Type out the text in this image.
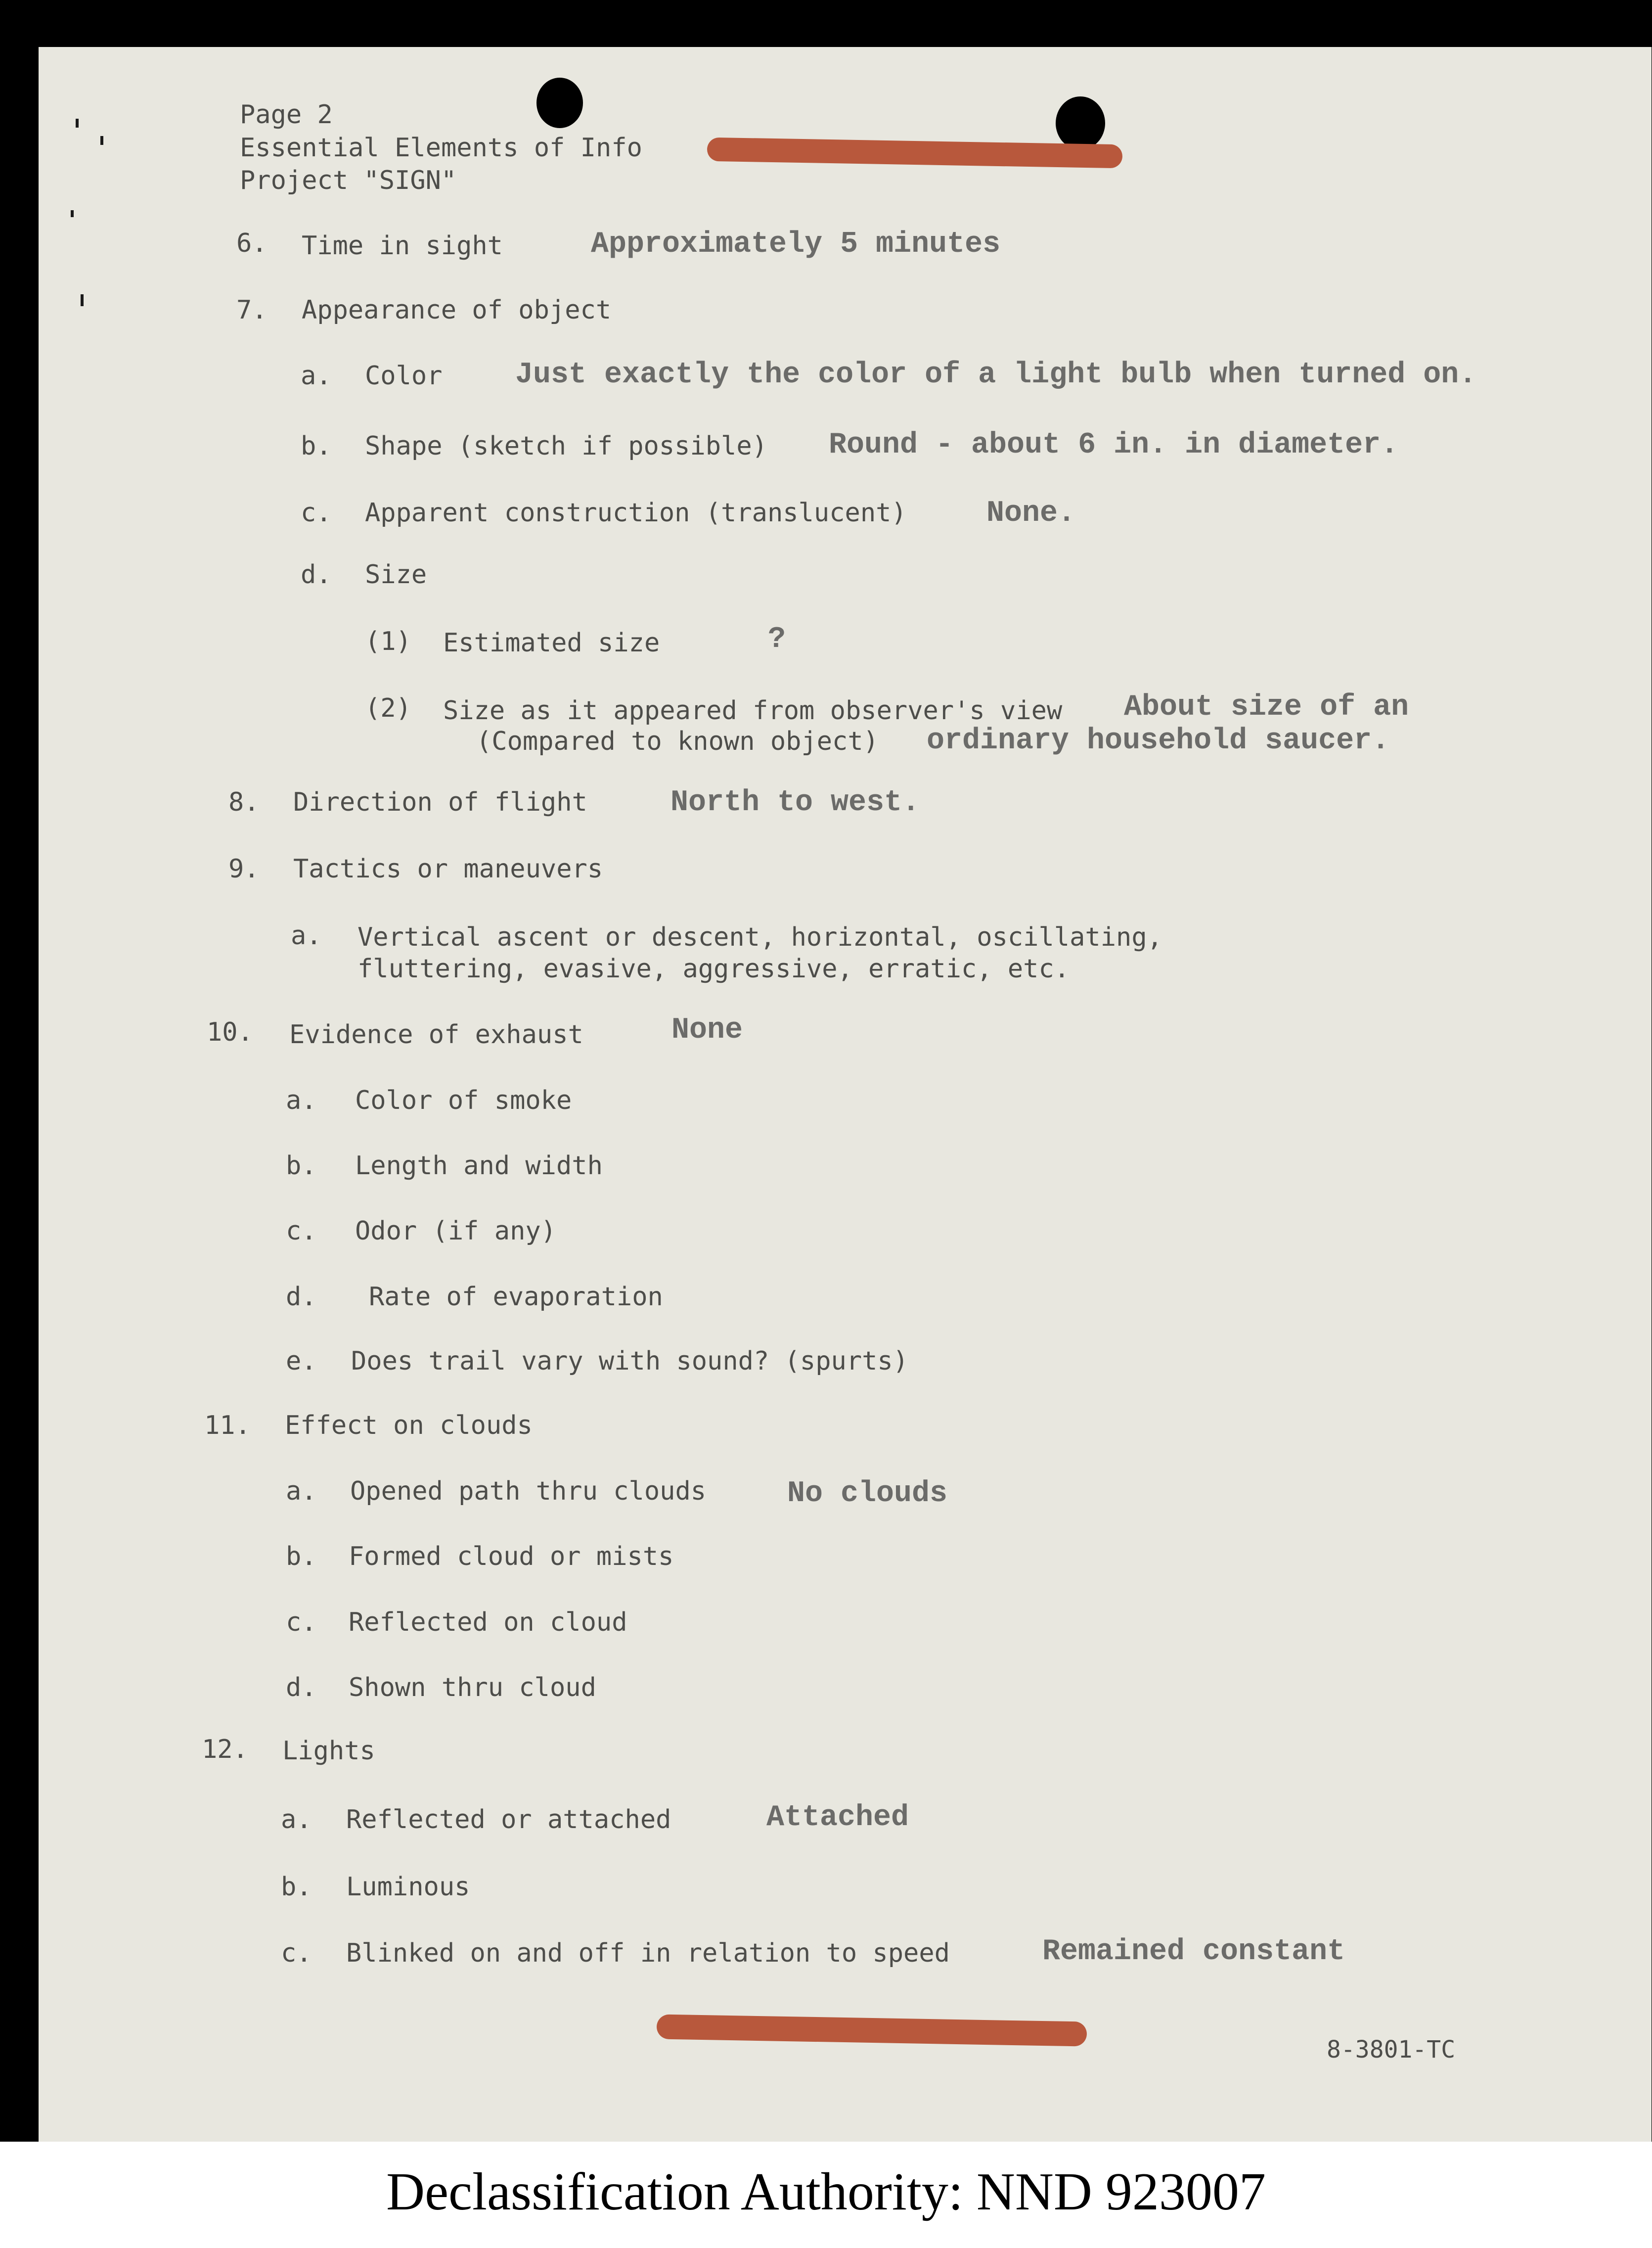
Page 2
Essential Elements of Info
Project "SIGN"
6. Time in sight	Approximately 5 minutes
7. Appearance of object
a. Color Just exactly the color of a light bulb when turned on.
b. Shape (sketch if possible) Round - about 6 in. in diameter.
c. Apparent construction (translucent)	None.
d. Size
(1) Estimated size	?
(2) Size as it appeared from observer's view
(Compared to known object)
About size of an
ordinary household saucer.
8. Direction of flight	North to west.
9. Tactics or maneuvers
a. Vertical ascent or descent, horizontal, oscillating,
fluttering, evasive, aggressive, erratic, etc.
10. Evidence of exhaust	None
a. Color of smoke
b. Length and width
c. Odor (if any)
d. Rate of evaporation
e. Does trail vary with sound? (spurts)
11. Effect on clouds
a. Opened path thru clouds	No clouds
b. Formed cloud or mists
c. Reflected on cloud
d. Shown thru cloud
12. Lights
a. Reflected or attached	Attached
b. Luminous
c. Blinked on and off in relation to speed	Remained constant
8-3801-TC
Declassification Authority: NND 923007
